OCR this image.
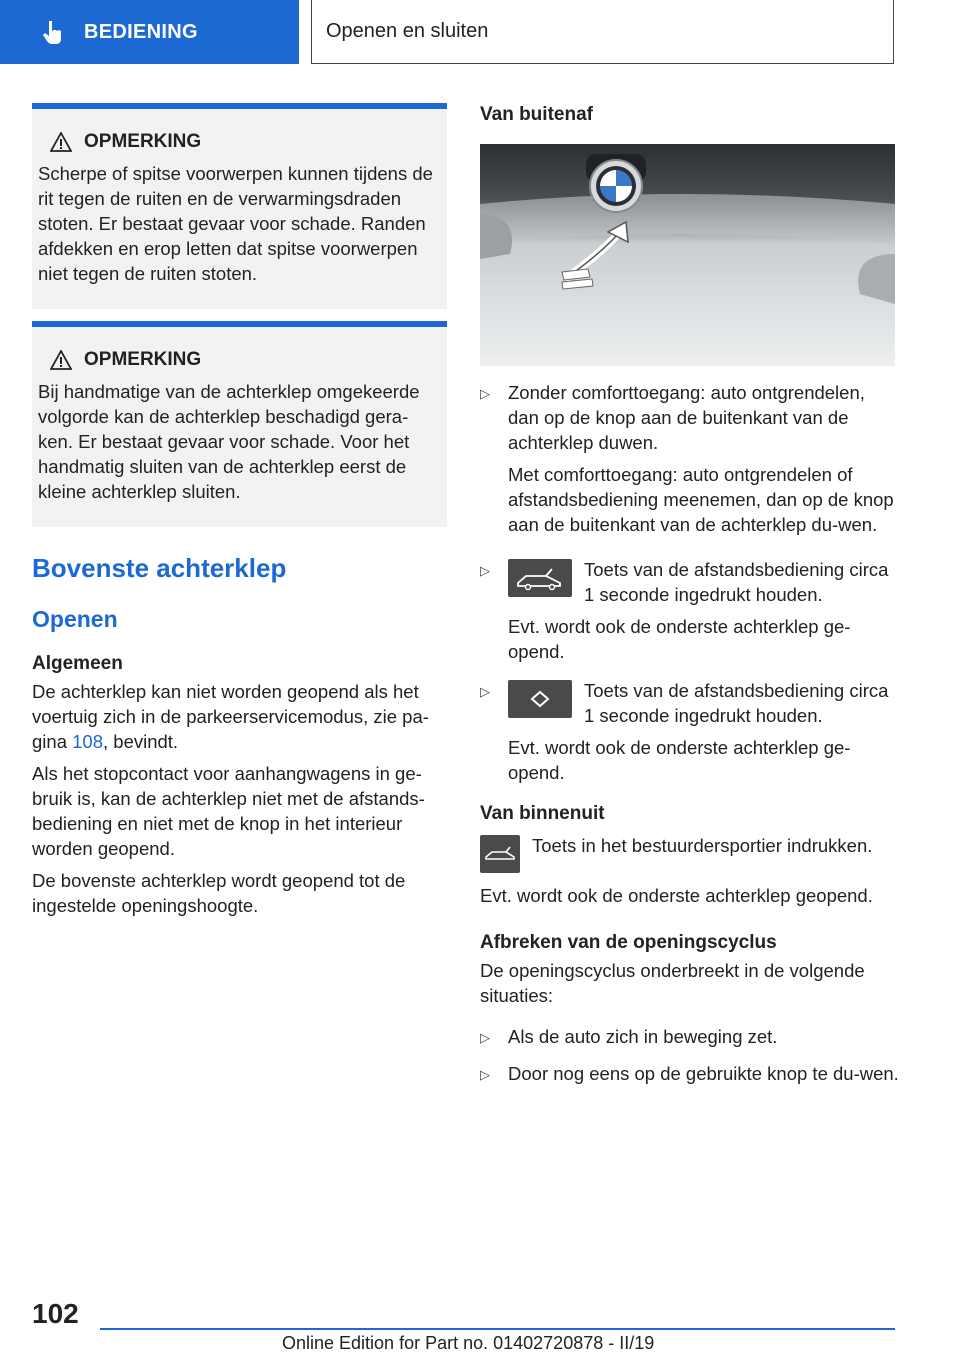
BEDIENING	Openen en sluiten
OPMERKING

Scherpe of spitse voorwerpen kunnen tijdens de rit tegen de ruiten en de verwarmingsdraden stoten. Er bestaat gevaar voor schade. Randen afdekken en erop letten dat spitse voorwerpen niet tegen de ruiten stoten.

OPMERKING

Bij handmatige van de achterklep omgekeerde volgorde kan de achterklep beschadigd gera-ken. Er bestaat gevaar voor schade. Voor het handmatig sluiten van de achterklep eerst de kleine achterklep sluiten.

Bovenste achterklep
Openen
Algemeen

De achterklep kan niet worden geopend als het voertuig zich in de parkeerservicemodus, zie pa-gina 108, bevindt.

Als het stopcontact voor aanhangwagens in ge-bruik is, kan de achterklep niet met de afstands-bediening en niet met de knop in het interieur worden geopend.

De bovenste achterklep wordt geopend tot de ingestelde openingshoogte.

Van buitenaf
▷ Zonder comforttoegang: auto ontgrendelen, dan op de knop aan de buitenkant van de achterklep duwen.

Met comforttoegang: auto ontgrendelen of afstandsbediening meenemen, dan op de knop aan de buitenkant van de achterklep du-wen.

▷	Toets van de afstandsbediening circa 1 seconde ingedrukt houden.

Evt. wordt ook de onderste achterklep ge-opend.

▷	Toets van de afstandsbediening circa 1 seconde ingedrukt houden.

Evt. wordt ook de onderste achterklep ge-opend.

Van binnenuit

Toets in het bestuurdersportier indrukken.

Evt. wordt ook de onderste achterklep geopend.

Afbreken van de openingscyclus

De openingscyclus onderbreekt in de volgende situaties:

▷ Als de auto zich in beweging zet.

▷ Door nog eens op de gebruikte knop te du-wen.

102
Online Edition for Part no. 01402720878 - II/19
